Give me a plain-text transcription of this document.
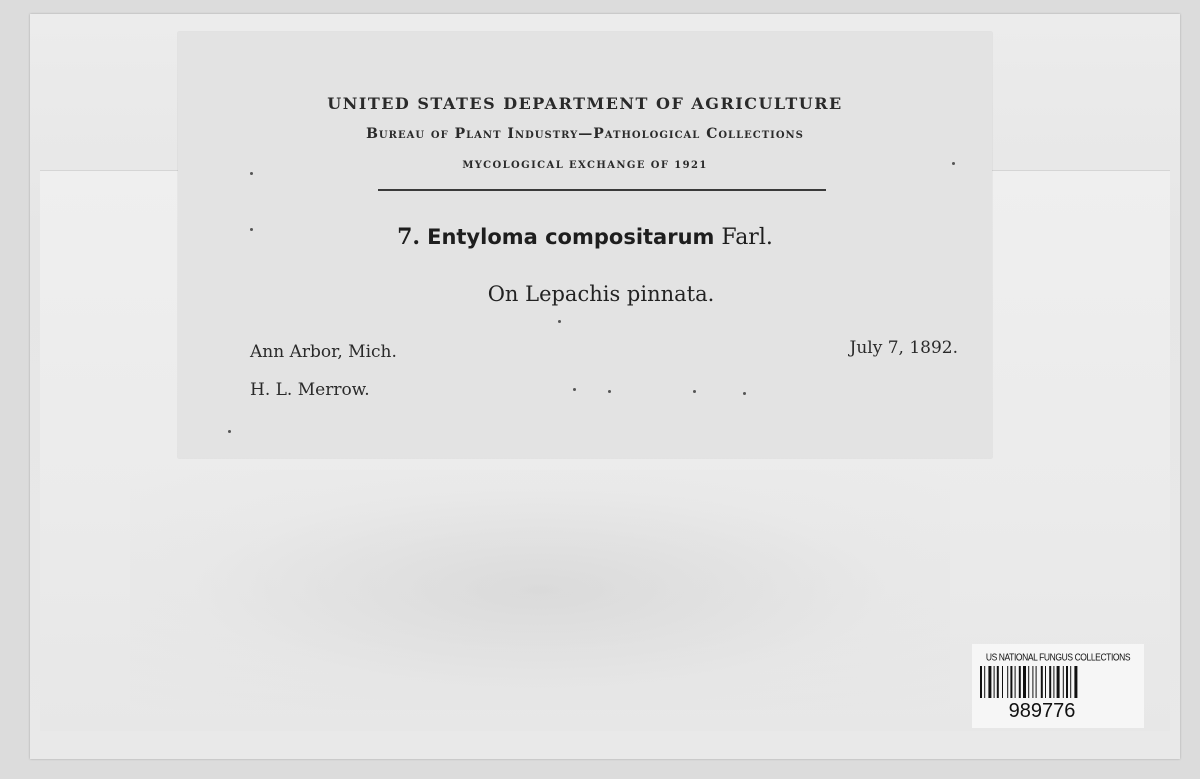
UNITED STATES DEPARTMENT OF AGRICULTURE
Bureau of Plant Industry—Pathological Collections
MYCOLOGICAL EXCHANGE OF 1921
7. Entyloma compositarum Farl.
On Lepachis pinnata.
Ann Arbor, Mich.	July 7, 1892.
H. L. Merrow.
US NATIONAL FUNGUS COLLECTIONS
989776
